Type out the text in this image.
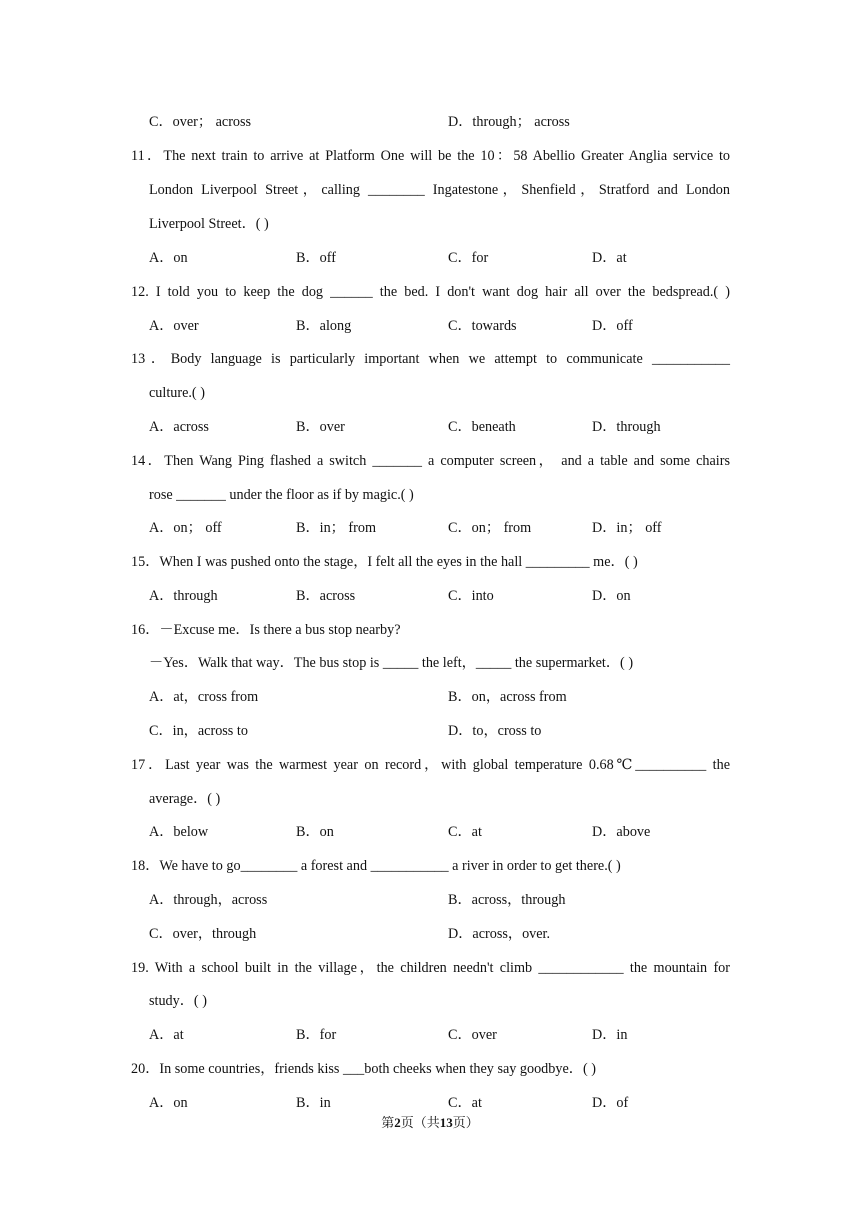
C．over； across	D．through； across
11．The next train to arrive at Platform One will be the 10：58 Abellio Greater Anglia service to
London Liverpool Street，calling ________ Ingatestone，Shenfield，Stratford and London
Liverpool Street．( )
A．on	B．off	C．for	D．at
12. I told you to keep the dog ______ the bed. I don't want dog hair all over the bedspread.( )
A．over	B．along	C．towards	D．off
13．Body language is particularly important when we attempt to communicate ___________
culture.( )
A．across	B．over	C．beneath	D．through
14．Then Wang Ping flashed a switch _______ a computer screen， and a table and some chairs
rose _______ under the floor as if by magic.( )
A．on； off	B．in； from	C．on； from	D．in； off
15．When I was pushed onto the stage，I felt all the eyes in the hall _________ me．( )
A．through	B．across	C．into	D．on
16．－Excuse me．Is there a bus stop nearby?
－Yes．Walk that way．The bus stop is _____ the left，_____ the supermarket．( )
A．at，cross from	B．on，across from
C．in，across to	D．to，cross to
17．Last year was the warmest year on record，with global temperature 0.68℃__________ the
average．( )
A．below	B．on	C．at	D．above
18．We have to go________ a forest and ___________ a river in order to get there.( )
A．through，across	B．across，through
C．over，through	D．across，over.
19. With a school built in the village，the children needn't climb ____________ the mountain for
study．( )
A．at	B．for	C．over	D．in
20．In some countries，friends kiss ___both cheeks when they say goodbye．( )
A．on	B．in	C．at	D．of
第2页（共13页）
